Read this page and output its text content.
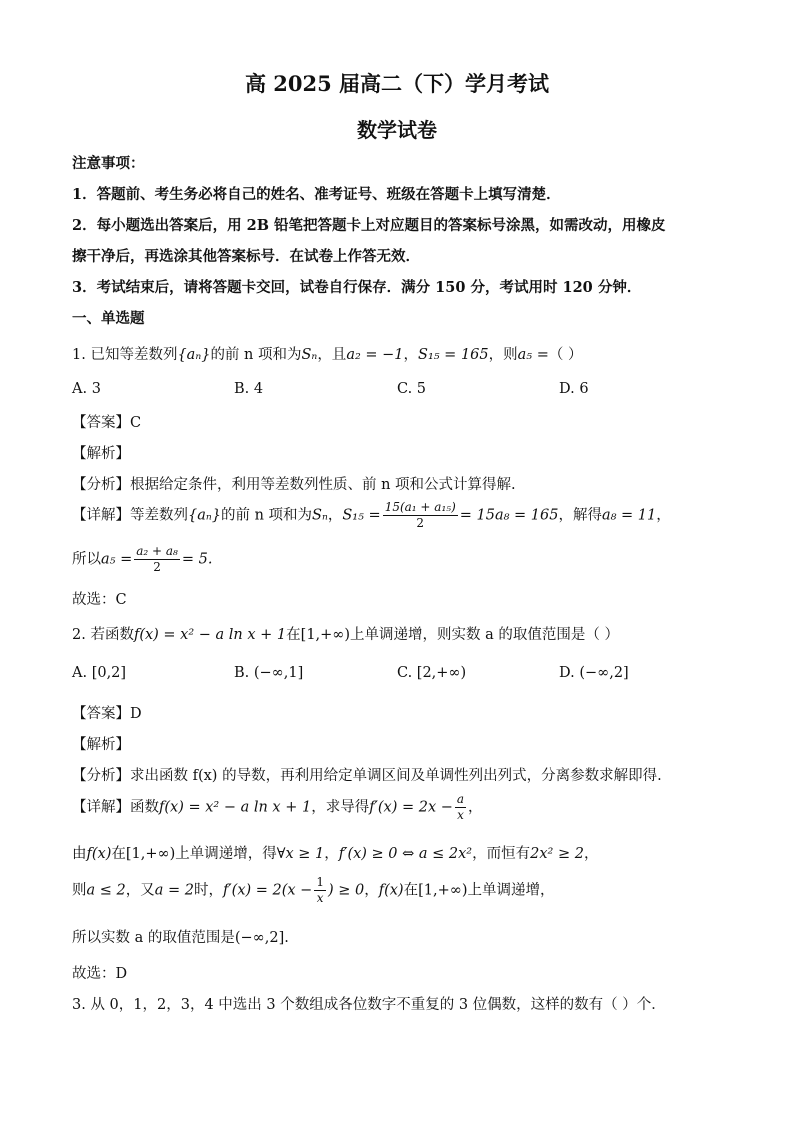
高 2025 届高二（下）学月考试
数学试卷
注意事项：
1．答题前、考生务必将自己的姓名、准考证号、班级在答题卡上填写清楚．
2．每小题选出答案后，用 2B 铅笔把答题卡上对应题目的答案标号涂黑，如需改动，用橡皮
擦干净后，再选涂其他答案标号．在试卷上作答无效．
3．考试结束后，请将答题卡交回，试卷自行保存．满分 150 分，考试用时 120 分钟．
一、单选题
1. 已知等差数列{aₙ}的前 n 项和为Sₙ，且a₂ = −1，S₁₅ = 165，则a₅ =（ ）
A. 3	B. 4	C. 5	D. 6
【答案】C
【解析】
【分析】根据给定条件，利用等差数列性质、前 n 项和公式计算得解.
【详解】等差数列{aₙ}的前 n 项和为Sₙ，$S_{15} = \frac{\text{15(a₁ + a₁₅)}}{2} = 15a_8 = 165$，解得a₈ = 11，
所以$a_5 = \frac{\text{a₂ + a₈}}{2} = 5$.
故选：C
2. 若函数f(x) = x² − a ln x + 1在[1,+∞)上单调递增，则实数 a 的取值范围是（ ）
A. [0,2]	B. (−∞,1]	C. [2,+∞)	D. (−∞,2]
【答案】D
【解析】
【分析】求出函数 f(x) 的导数，再利用给定单调区间及单调性列出列式，分离参数求解即得.
【详解】函数f(x) = x² − a ln x + 1，求导得$f'(x) = 2x - \frac{a}{x}$ ，
由f(x)在[1,+∞)上单调递增，得∀x ≥ 1，f′(x) ≥ 0 ⇔ a ≤ 2x²，而恒有2x² ≥ 2，
则a ≤ 2，又a = 2时，$f'(x) = 2(x - \frac{1}{x}$ ) ≥ 0，f(x)在[1,+∞)上单调递增，
所以实数 a 的取值范围是(−∞,2].
故选：D
3. 从 0，1，2，3，4 中选出 3 个数组成各位数字不重复的 3 位偶数，这样的数有（ ）个．
